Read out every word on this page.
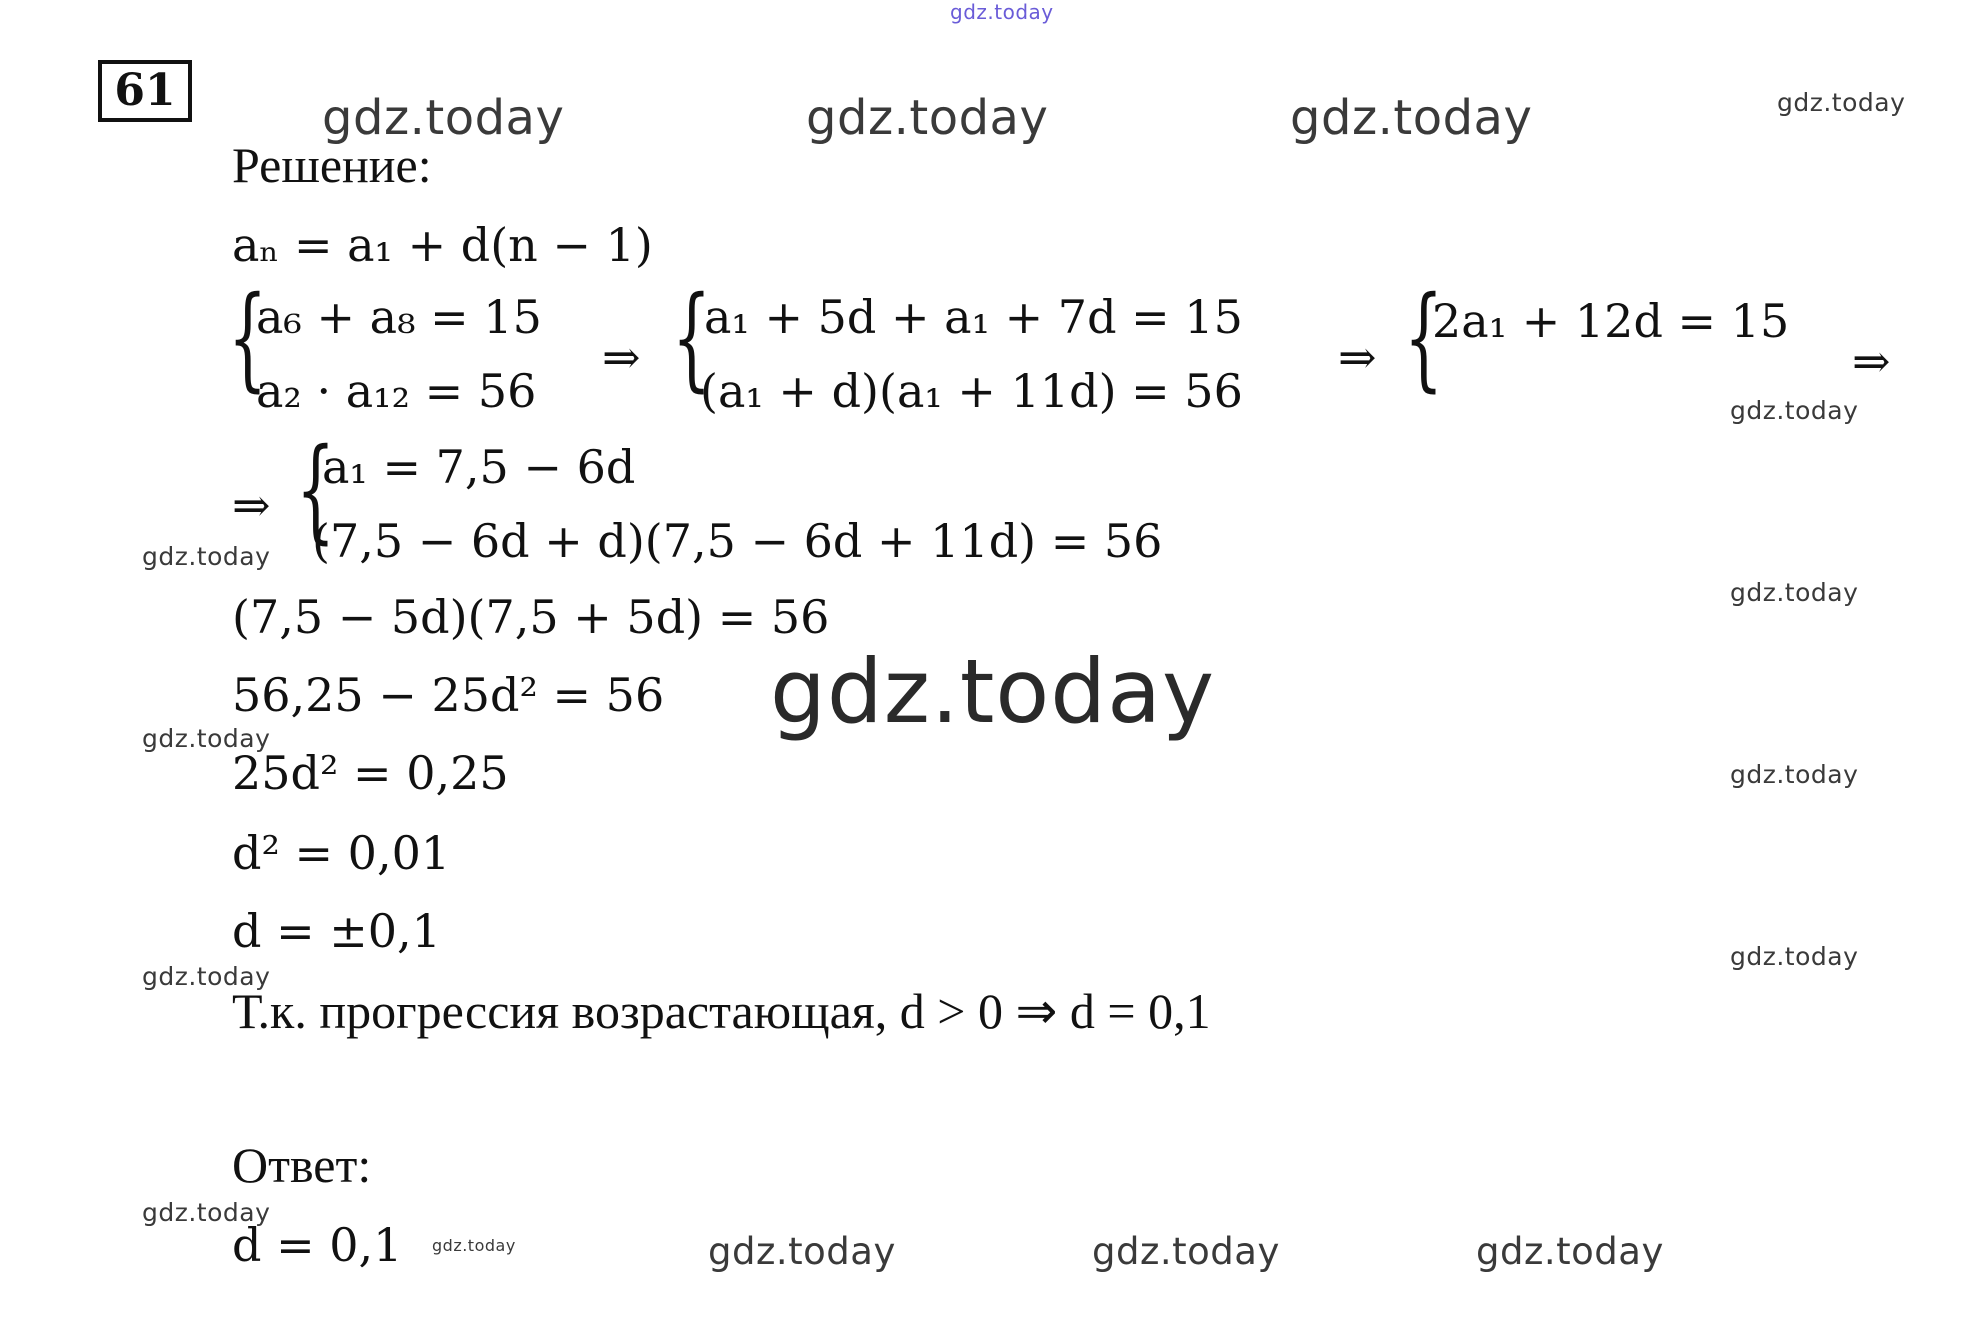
gdz.today
gdz.today	gdz.today	gdz.today	gdz.today
gdz.today
gdz.today
gdz.today
gdz.today
gdz.today
gdz.today
gdz.today
gdz.today
gdz.today
gdz.today	gdz.today	gdz.today	gdz.today
61
Решение:
aₙ = a₁ + d(n − 1)
{
a₆ + a₈ = 15
a₂ · a₁₂ = 56
⇒ {
a₁ + 5d + a₁ + 7d = 15
(a₁ + d)(a₁ + 11d) = 56
⇒ {
2a₁ + 12d = 15
⇒
⇒ {
a₁ = 7,5 − 6d
(7,5 − 6d + d)(7,5 − 6d + 11d) = 56
(7,5 − 5d)(7,5 + 5d) = 56
56,25 − 25d² = 56
25d² = 0,25
d² = 0,01
d = ±0,1
Т.к. прогрессия возрастающая, d > 0 ⇒ d = 0,1
Ответ:
d = 0,1
